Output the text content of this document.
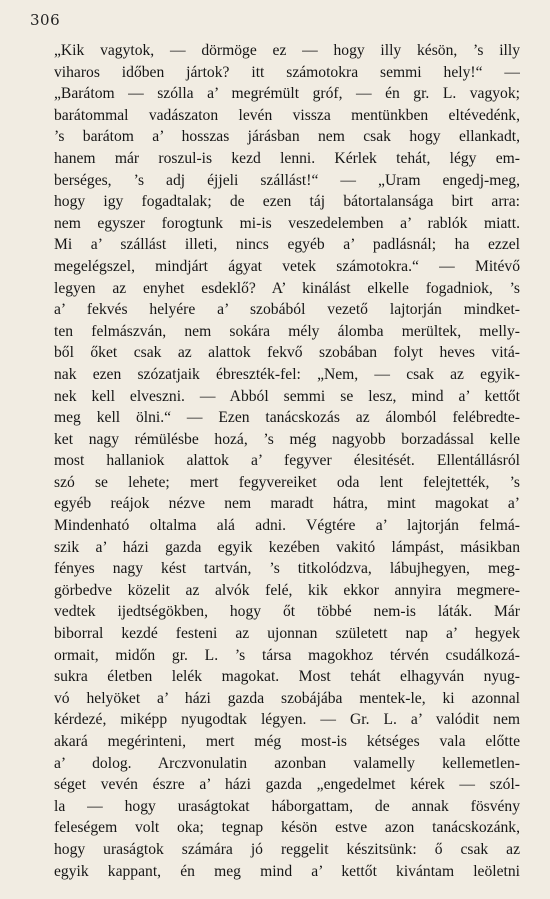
306
„Kik vagytok, — dörmöge ez — hogy illy késön, ’s illy
viharos időben jártok? itt számotokra semmi hely!“ —
„Barátom — szólla a’ megrémült gróf, — én gr. L. vagyok;
barátommal vadászaton levén vissza mentünkben eltévedénk,
’s barátom a’ hosszas járásban nem csak hogy ellankadt,
hanem már roszul-is kezd lenni. Kérlek tehát, légy em-
berséges, ’s adj éjjeli szállást!“ — „Uram engedj-meg,
hogy igy fogadtalak; de ezen táj bátortalansága birt arra:
nem egyszer forogtunk mi-is veszedelemben a’ rablók miatt.
Mi a’ szállást illeti, nincs egyéb a’ padlásnál; ha ezzel
megelégszel, mindjárt ágyat vetek számotokra.“ — Mitévő
legyen az enyhet esdeklő? A’ kinálást elkelle fogadniok, ’s
a’ fekvés helyére a’ szobából vezető lajtorján mindket-
ten felmászván, nem sokára mély álomba merültek, melly-
ből őket csak az alattok fekvő szobában folyt heves vitá-
nak ezen szózatjaik ébreszték-fel: „Nem, — csak az egyik-
nek kell elveszni. — Abból semmi se lesz, mind a’ kettőt
meg kell ölni.“ — Ezen tanácskozás az álomból felébredte-
ket nagy rémülésbe hozá, ’s még nagyobb borzadással kelle
most hallaniok alattok a’ fegyver élesitését. Ellentállásról
szó se lehete; mert fegyvereiket oda lent felejtették, ’s
egyéb reájok nézve nem maradt hátra, mint magokat a’
Mindenható oltalma alá adni. Végtére a’ lajtorján felmá-
szik a’ házi gazda egyik kezében vakitó lámpást, másikban
fényes nagy kést tartván, ’s titkolódzva, lábujhegyen, meg-
görbedve közelit az alvók felé, kik ekkor annyira megmere-
vedtek ijedtségökben, hogy őt többé nem-is láták. Már
biborral kezdé festeni az ujonnan született nap a’ hegyek
ormait, midőn gr. L. ’s társa magokhoz térvén csudálkozá-
sukra életben lelék magokat. Most tehát elhagyván nyug-
vó helyöket a’ házi gazda szobájába mentek-le, ki azonnal
kérdezé, miképp nyugodtak légyen. — Gr. L. a’ valódit nem
akará megérinteni, mert még most-is kétséges vala előtte
a’ dolog. Arczvonulatin azonban valamelly kellemetlen-
séget vevén észre a’ házi gazda „engedelmet kérek — szól-
la — hogy uraságtokat háborgattam, de annak fösvény
feleségem volt oka; tegnap késön estve azon tanácskozánk,
hogy uraságtok számára jó reggelit készitsünk: ő csak az
egyik kappant, én meg mind a’ kettőt kivántam leöletni
